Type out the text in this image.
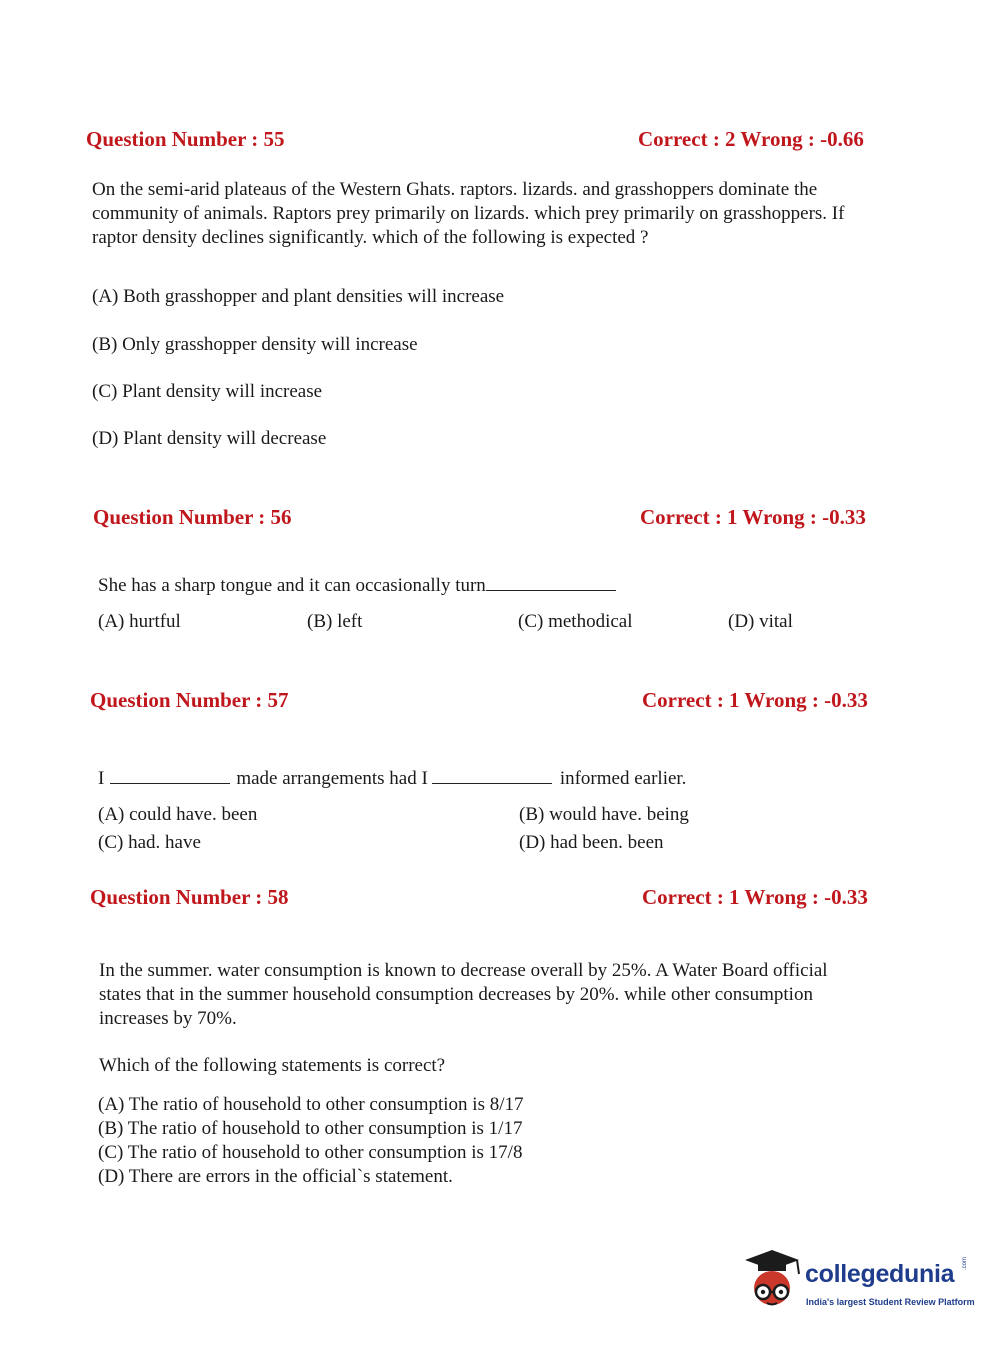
Question Number : 55	Correct : 2 Wrong : -0.66
On the semi-arid plateaus of the Western Ghats. raptors. lizards. and grasshoppers dominate the
community of animals. Raptors prey primarily on lizards. which prey primarily on grasshoppers. If
raptor density declines significantly. which of the following is expected ?
(A) Both grasshopper and plant densities will increase
(B) Only grasshopper density will increase
(C) Plant density will increase
(D) Plant density will decrease
Question Number : 56	Correct : 1 Wrong : -0.33
She has a sharp tongue and it can occasionally turn
(A) hurtful	(B) left	(C) methodical	(D) vital
Question Number : 57	Correct : 1 Wrong : -0.33
I	made arrangements had I	informed earlier.
(A) could have. been	(B) would have. being
(C) had. have	(D) had been. been
Question Number : 58	Correct : 1 Wrong : -0.33
In the summer. water consumption is known to decrease overall by 25%. A Water Board official
states that in the summer household consumption decreases by 20%. while other consumption
increases by 70%.
Which of the following statements is correct?
(A) The ratio of household to other consumption is 8/17
(B) The ratio of household to other consumption is 1/17
(C) The ratio of household to other consumption is 17/8
(D) There are errors in the official`s statement.
collegedunia .com
India's largest Student Review Platform
